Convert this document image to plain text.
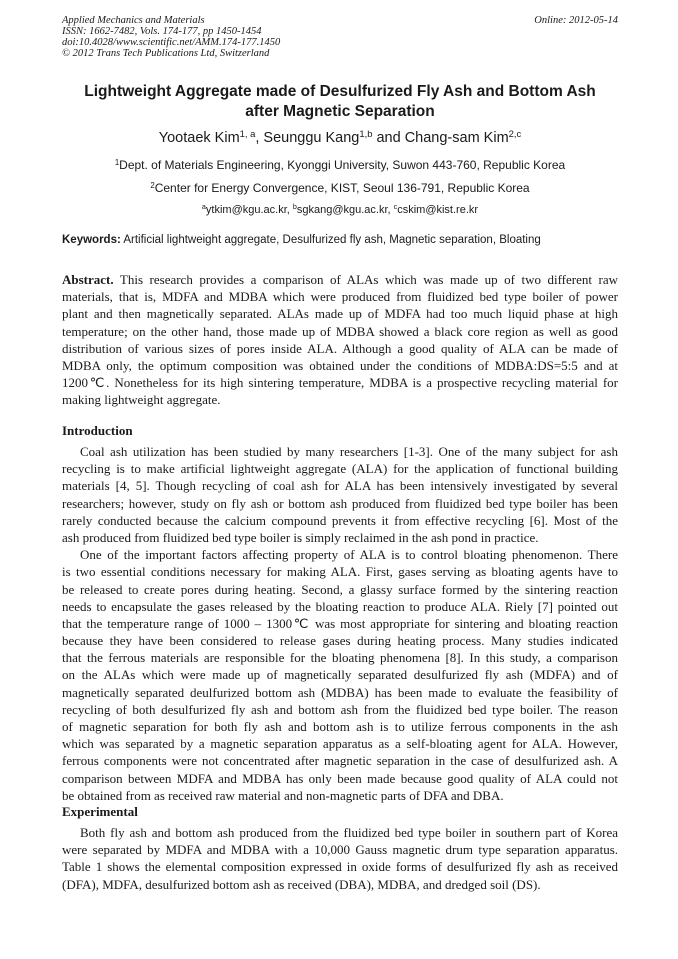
Applied Mechanics and Materials
ISSN: 1662-7482, Vols. 174-177, pp 1450-1454
doi:10.4028/www.scientific.net/AMM.174-177.1450
© 2012 Trans Tech Publications Ltd, Switzerland
Online: 2012-05-14
Lightweight Aggregate made of Desulfurized Fly Ash and Bottom Ash
after Magnetic Separation
Yootaek Kim$^{1, a}$, Seunggu Kang$^{1,b}$ and Chang-sam Kim$^{2,c}$
$^1$Dept. of Materials Engineering, Kyonggi University, Suwon 443-760, Republic Korea
$^2$Center for Energy Convergence, KIST, Seoul 136-791, Republic Korea
$^a$ytkim@kgu.ac.kr, $^b$sgkang@kgu.ac.kr, $^c$cskim@kist.re.kr
Keywords: Artificial lightweight aggregate, Desulfurized fly ash, Magnetic separation, Bloating
Abstract. This research provides a comparison of ALAs which was made up of two different raw
materials, that is, MDFA and MDBA which were produced from fluidized bed type boiler of power
plant and then magnetically separated. ALAs made up of MDFA had too much liquid phase at high
temperature; on the other hand, those made up of MDBA showed a black core region as well as good
distribution of various sizes of pores inside ALA. Although a good quality of ALA can be made of
MDBA only, the optimum composition was obtained under the conditions of MDBA:DS=5:5 and at
1200℃. Nonetheless for its high sintering temperature, MDBA is a prospective recycling material for
making lightweight aggregate.
Introduction
Coal ash utilization has been studied by many researchers [1-3]. One of the many subject for ash
recycling is to make artificial lightweight aggregate (ALA) for the application of functional building
materials [4, 5]. Though recycling of coal ash for ALA has been intensively investigated by several
researchers; however, study on fly ash or bottom ash produced from fluidized bed type boiler has been
rarely conducted because the calcium compound prevents it from effective recycling [6]. Most of the
ash produced from fluidized bed type boiler is simply reclaimed in the ash pond in practice.
One of the important factors affecting property of ALA is to control bloating phenomenon. There
is two essential conditions necessary for making ALA. First, gases serving as bloating agents have to
be released to create pores during heating. Second, a glassy surface formed by the sintering reaction
needs to encapsulate the gases released by the bloating reaction to produce ALA. Riely [7] pointed out
that the temperature range of 1000 – 1300℃ was most appropriate for sintering and bloating reaction
because they have been considered to release gases during heating process. Many studies indicated
that the ferrous materials are responsible for the bloating phenomena [8]. In this study, a comparison
on the ALAs which were made up of magnetically separated desulfurized fly ash (MDFA) and of
magnetically separated deulfurized bottom ash (MDBA) has been made to evaluate the feasibility of
recycling of both desulfurized fly ash and bottom ash from the fluidized bed type boiler. The reason
of magnetic separation for both fly ash and bottom ash is to utilize ferrous components in the ash
which was separated by a magnetic separation apparatus as a self-bloating agent for ALA. However,
ferrous components were not concentrated after magnetic separation in the case of desulfurized ash. A
comparison between MDFA and MDBA has only been made because good quality of ALA could not
be obtained from as received raw material and non-magnetic parts of DFA and DBA.
Experimental
Both fly ash and bottom ash produced from the fluidized bed type boiler in southern part of Korea
were separated by MDFA and MDBA with a 10,000 Gauss magnetic drum type separation apparatus.
Table 1 shows the elemental composition expressed in oxide forms of desulfurized fly ash as received
(DFA), MDFA, desulfurized bottom ash as received (DBA), MDBA, and dredged soil (DS).
